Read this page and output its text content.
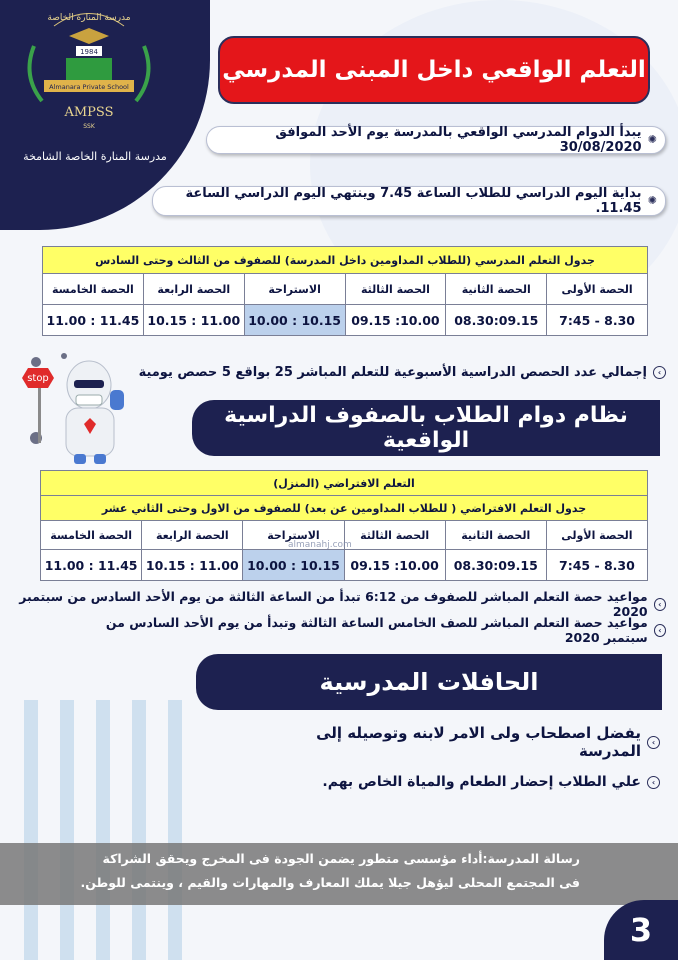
مدرسة المنارة الخاصة
1984
Almanara Private School
AMPSS
SSK
مدرسة المنارة الخاصة الشامخة
التعلم الواقعي داخل المبنى المدرسي
✺
يبدأ الدوام المدرسي الواقعي بالمدرسة يوم الأحد الموافق 30/08/2020
✺
بداية اليوم الدراسي للطلاب الساعة 7.45 وينتهي اليوم الدراسي الساعة 11.45.
جدول التعلم المدرسي (للطلاب المداومين داخل المدرسة) للصفوف من الثالث وحتى السادس					
الحصة الأولى	الحصة الثانية	الحصة الثالثة	الاستراحة	الحصة الرابعة	الحصة الخامسة
7:45 - 8.30	08.30:09.15	09.15 :10.00	10.00 : 10.15	10.15 : 11.00	11.00 : 11.45
›
إجمالي عدد الحصص الدراسية الأسبوعية للتعلم المباشر 25 بواقع 5 حصص يومية
stop
نظام دوام الطلاب بالصفوف الدراسية الواقعية
التعلم الافتراضي (المنزل)					
جدول التعلم الافتراضي ( للطلاب المداومين عن بعد) للصفوف من الاول وحتى الثاني عشر					
الحصة الأولى	الحصة الثانية	الحصة الثالثة	الاستراحة	الحصة الرابعة	الحصة الخامسة
7:45 - 8.30	08.30:09.15	09.15 :10.00	10.00 : 10.15	10.15 : 11.00	11.00 : 11.45
almanahj.com
›
مواعيد حصة التعلم المباشر للصفوف من 6:12 تبدأ من الساعة الثالثة من يوم الأحد السادس من سبتمبر 2020
›
مواعيد حصة التعلم المباشر للصف الخامس الساعة الثالثة وتبدأ من يوم الأحد السادس من سبتمبر 2020
الحافلات المدرسية
›
يفضل اصطحاب ولى الامر لابنه وتوصيله إلى المدرسة
›
علي الطلاب إحضار الطعام والمياة الخاص بهم.
رسالة المدرسة:أداء مؤسسى متطور يضمن الجودة فى المخرج ويحقق الشراكة
فى المجتمع المحلى ليؤهل جيلا يملك المعارف والمهارات والقيم ، وينتمى للوطن.
3
